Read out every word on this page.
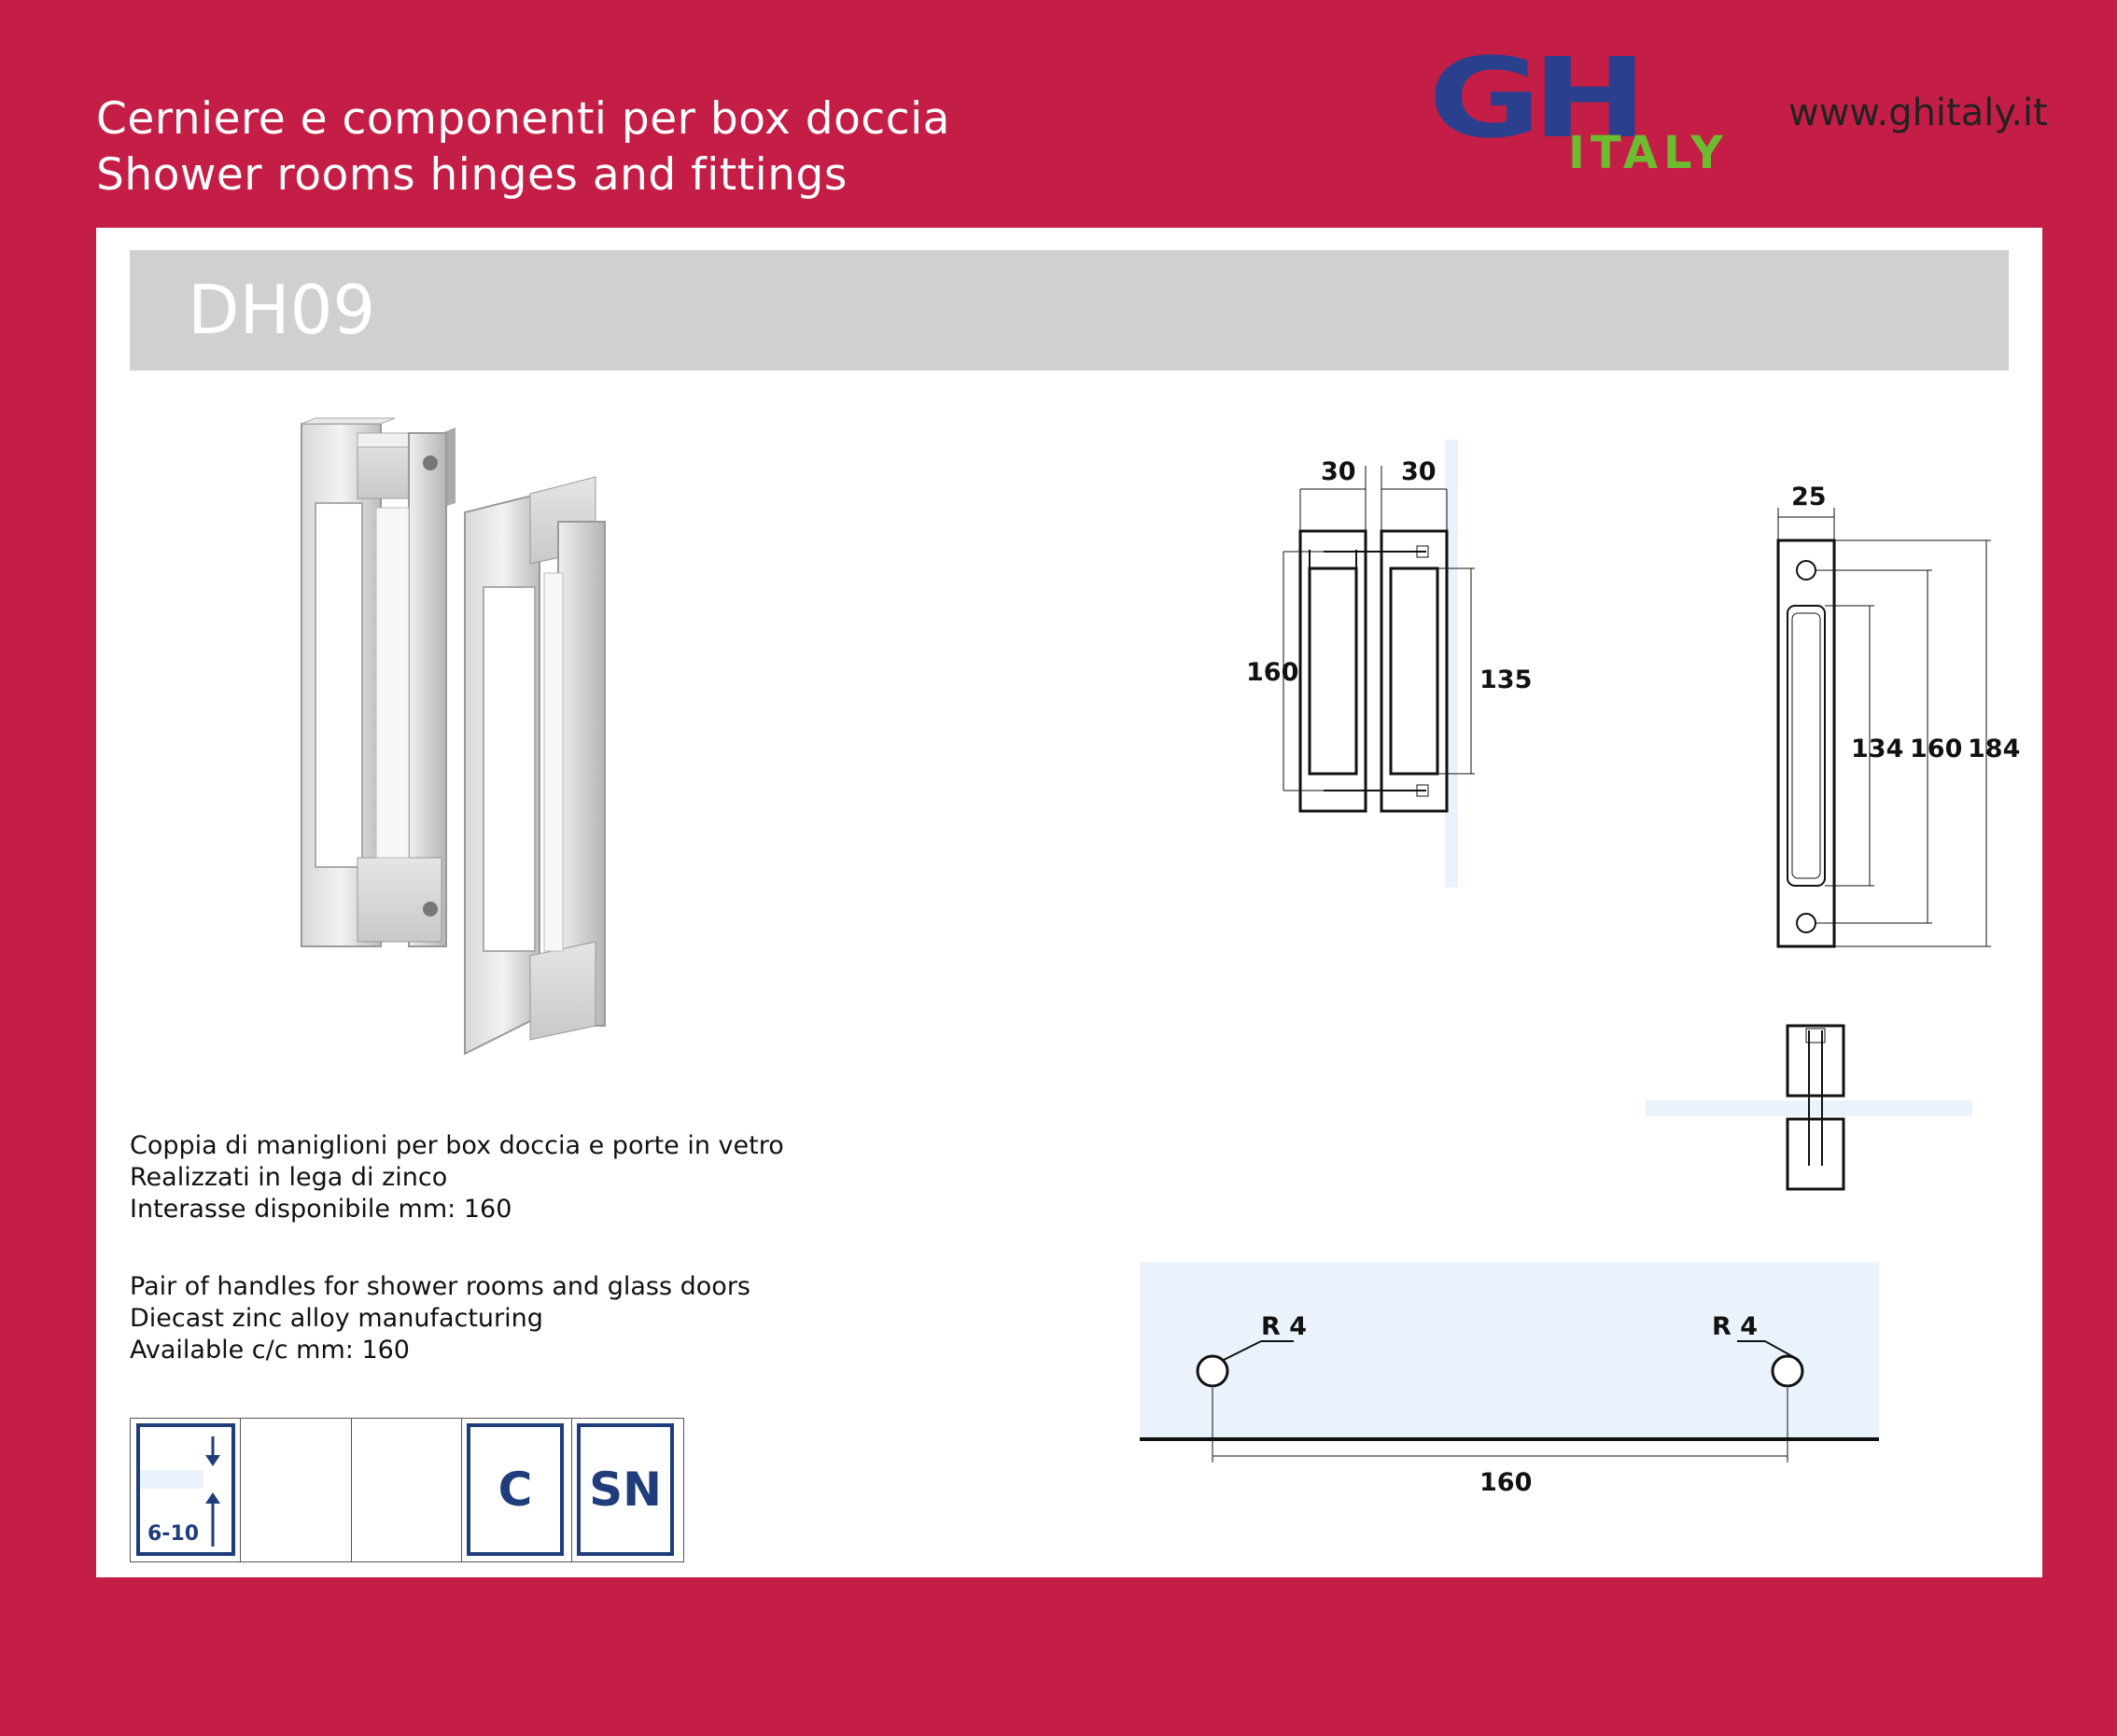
Cerniere e componenti per box doccia
Shower rooms hinges and fittings
GH
ITALY
www.ghitaly.it
DH09
30 30
160	135
25
134 160 184
R 4	R 4
160
Coppia di maniglioni per box doccia e porte in vetro
Realizzati in lega di zinco
Interasse disponibile mm: 160
Pair of handles for shower rooms and glass doors
Diecast zinc alloy manufacturing
Available c/c mm: 160
6-10
C	SN
